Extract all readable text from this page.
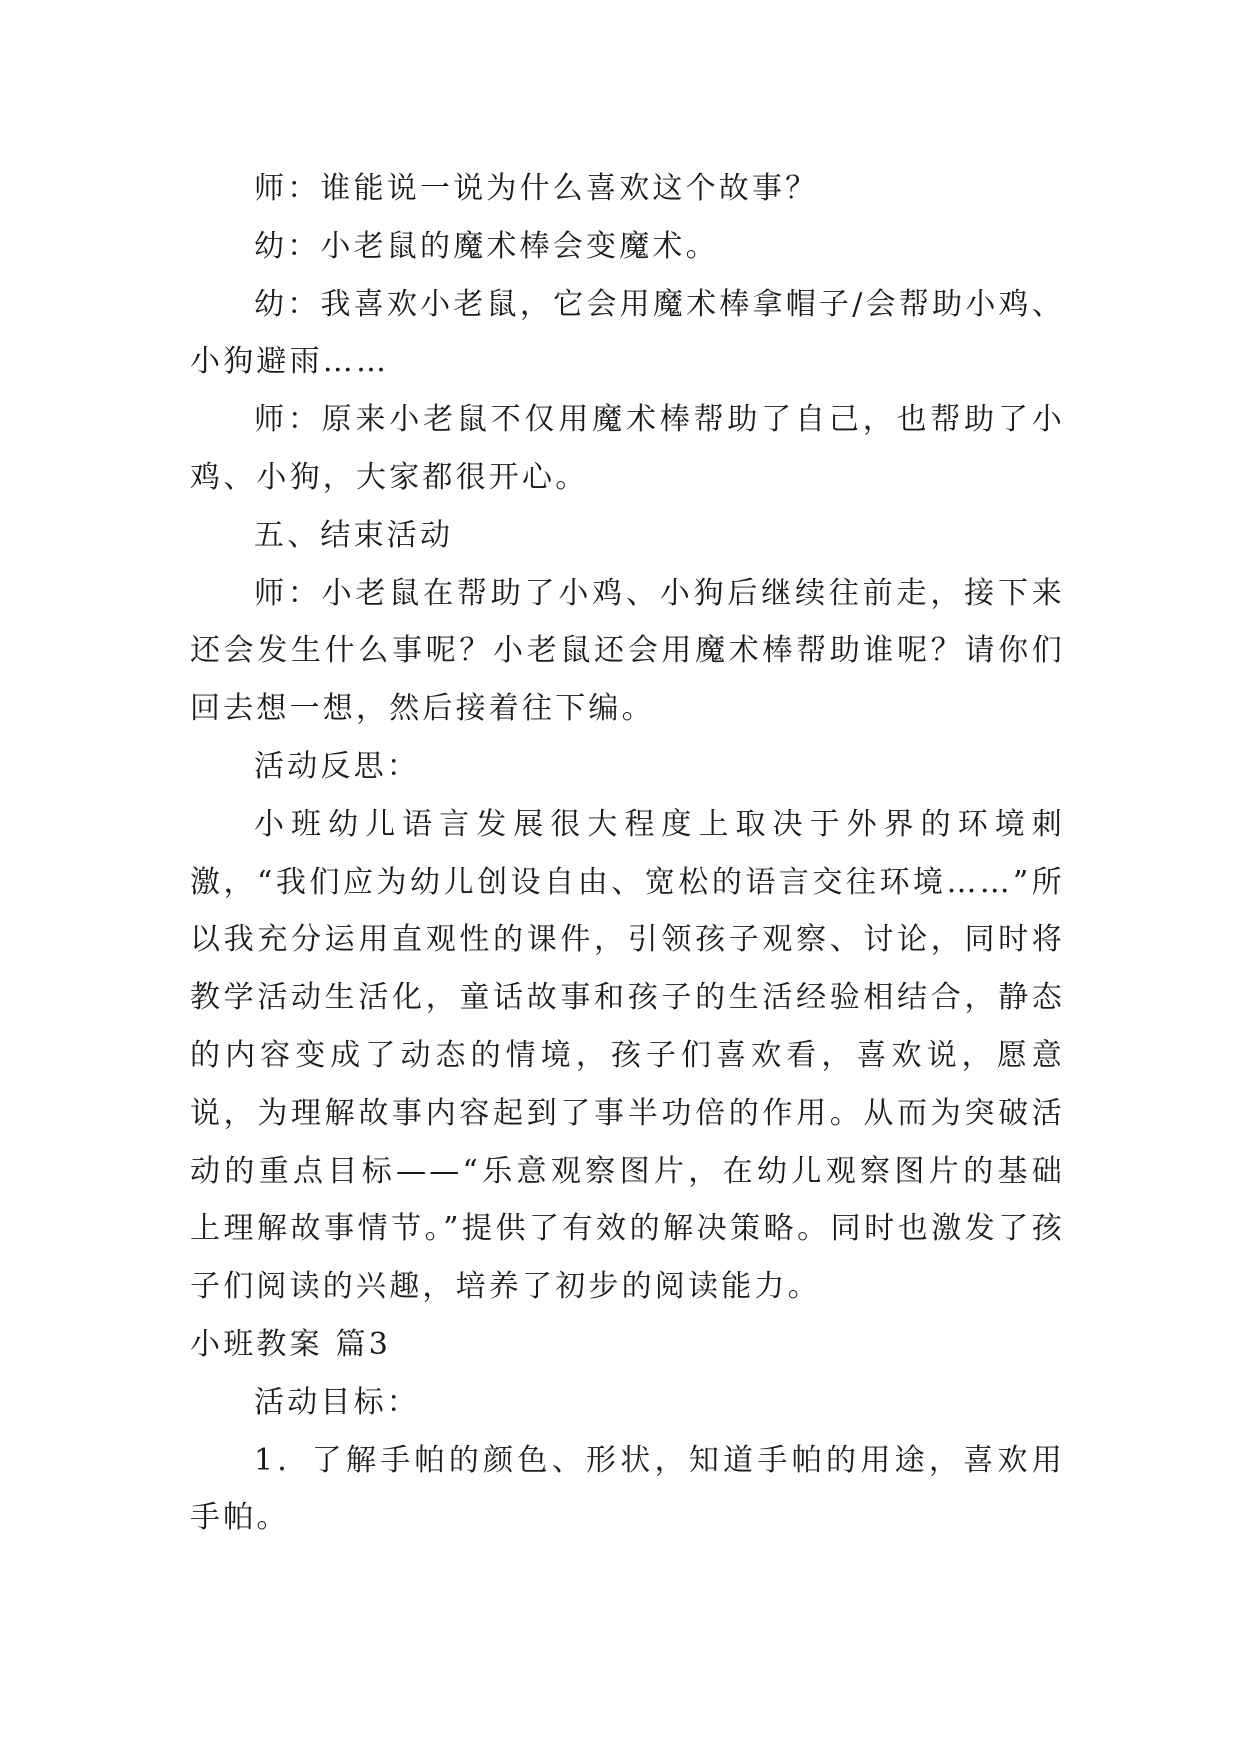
师：谁能说一说为什么喜欢这个故事？

幼：小老鼠的魔术棒会变魔术。

幼：我喜欢小老鼠，它会用魔术棒拿帽子/会帮助小鸡、小狗避雨……

师：原来小老鼠不仅用魔术棒帮助了自己，也帮助了小鸡、小狗，大家都很开心。

五、结束活动

师：小老鼠在帮助了小鸡、小狗后继续往前走，接下来还会发生什么事呢？小老鼠还会用魔术棒帮助谁呢？请你们回去想一想，然后接着往下编。

活动反思：

小班幼儿语言发展很大程度上取决于外界的环境刺激，“我们应为幼儿创设自由、宽松的语言交往环境……”所以我充分运用直观性的课件，引领孩子观察、讨论，同时将教学活动生活化，童话故事和孩子的生活经验相结合，静态的内容变成了动态的情境，孩子们喜欢看，喜欢说，愿意说，为理解故事内容起到了事半功倍的作用。从而为突破活动的重点目标——“乐意观察图片，在幼儿观察图片的基础上理解故事情节。”提供了有效的解决策略。同时也激发了孩子们阅读的兴趣，培养了初步的阅读能力。

小班教案 篇3

活动目标：

1．了解手帕的颜色、形状，知道手帕的用途，喜欢用手帕。
